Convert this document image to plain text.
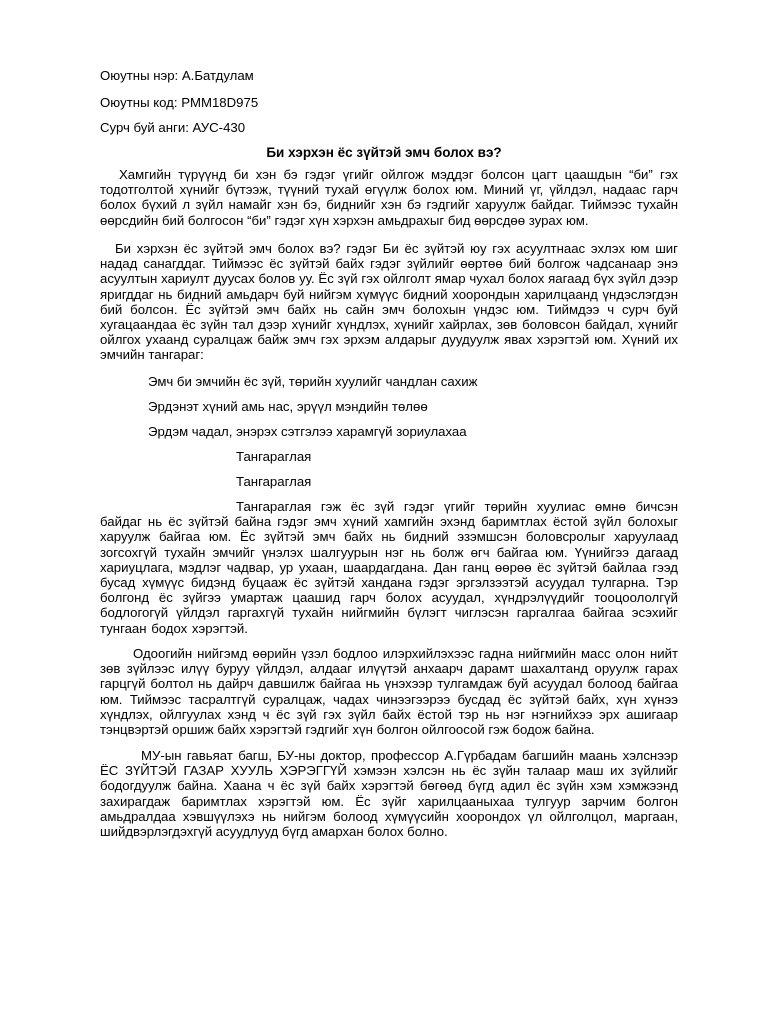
Оюутны нэр: А.Батдулам

Оюутны код: PMM18D975

Сурч буй анги: АУС-430

Би хэрхэн ёс зүйтэй эмч болох вэ?

Хамгийн түрүүнд би хэн бэ гэдэг үгийг ойлгож мэддэг болсон цагт цаашдын “би” гэх тодотголтой хүнийг бүтээж, түүний тухай өгүүлж болох юм. Миний үг, үйлдэл, надаас гарч болох бүхий л зүйл намайг хэн бэ, биднийг хэн бэ гэдгийг харуулж байдаг. Тиймээс тухайн өөрсдийн бий болгосон “би” гэдэг хүн хэрхэн амьдрахыг бид өөрсдөө зурах юм.

Би хэрхэн ёс зүйтэй эмч болох вэ? гэдэг Би ёс зүйтэй юу гэх асуултнаас эхлэх юм шиг надад санагддаг. Тиймээс ёс зүйтэй байх гэдэг зүйлийг өөртөө бий болгож чадсанаар энэ асуултын хариулт дуусах болов уу. Ёс зүй гэх ойлголт ямар чухал болох яагаад бүх зүйл дээр яригддаг нь бидний амьдарч буй нийгэм хүмүүс бидний хоорондын харилцаанд үндэслэгдэн бий болсон. Ёс зүйтэй эмч байх нь сайн эмч болохын үндэс юм. Тиймдээ ч сурч буй хугацаандаа ёс зүйн тал дээр хүнийг хүндлэх, хүнийг хайрлах, зөв боловсон байдал, хүнийг ойлгох ухаанд суралцаж байж эмч гэх эрхэм алдарыг дуудуулж явах хэрэгтэй юм. Хүний их эмчийн тангараг:

Эмч би эмчийн ёс зүй, төрийн хуулийг чандлан сахиж

Эрдэнэт хүний амь нас, эрүүл мэндийн төлөө

Эрдэм чадал, энэрэх сэтгэлээ харамгүй зориулахаа

Тангараглая

Тангараглая

Тангараглая гэж ёс зүй гэдэг үгийг төрийн хуулиас өмнө бичсэн байдаг нь ёс зүйтэй байна гэдэг эмч хүний хамгийн эхэнд баримтлах ёстой зүйл болохыг харуулж байгаа юм. Ёс зүйтэй эмч байх нь бидний эзэмшсэн боловсролыг харуулаад зогсохгүй тухайн эмчийг үнэлэх шалгуурын нэг нь болж өгч байгаа юм. Үүнийгээ дагаад хариуцлага, мэдлэг чадвар, ур ухаан, шаардагдана. Дан ганц өөрөө ёс зүйтэй байлаа гээд бусад хүмүүс бидэнд буцааж ёс зүйтэй хандана гэдэг эргэлзээтэй асуудал тулгарна. Тэр болгонд ёс зүйгээ умартаж цаашид гарч болох асуудал, хүндрэлүүдийг тооцоололгүй бодлогогүй үйлдэл гаргахгүй тухайн нийгмийн бүлэгт чиглэсэн гаргалгаа байгаа эсэхийг тунгаан бодох хэрэгтэй.

Одоогийн нийгэмд өөрийн үзэл бодлоо илэрхийлэхээс гадна нийгмийн масс олон нийт зөв зүйлээс илүү буруу үйлдэл, алдааг илүүтэй анхаарч дарамт шахалтанд оруулж гарах гарцгүй болтол нь дайрч давшилж байгаа нь үнэхээр тулгамдаж буй асуудал болоод байгаа юм. Тиймээс тасралтгүй суралцаж, чадах чинээгээрээ бусдад ёс зүйтэй байх, хүн хүнээ хүндлэх, ойлгуулах хэнд ч ёс зүй гэх зүйл байх ёстой тэр нь нэг нэгнийхээ эрх ашигаар тэнцвэртэй оршиж байх хэрэгтэй гэдгийг хүн болгон ойлгоосой гэж бодож байна.

МУ-ын гавьяат багш, БУ-ны доктор, профессор А.Гүрбадам багшийн маань хэлснээр ЁС ЗҮЙТЭЙ ГАЗАР ХУУЛЬ ХЭРЭГГҮЙ хэмээн хэлсэн нь ёс зүйн талаар маш их зүйлийг бодогдуулж байна. Хаана ч ёс зүй байх хэрэгтэй бөгөөд бүгд адил ёс зүйн хэм хэмжээнд захирагдаж баримтлах хэрэгтэй юм. Ёс зүйг харилцааныхаа тулгуур зарчим болгон амьдралдаа хэвшүүлэхэ нь нийгэм болоод хүмүүсийн хоорондох үл ойлголцол, маргаан, шийдвэрлэгдэхгүй асуудлууд бүгд амархан болох болно.
